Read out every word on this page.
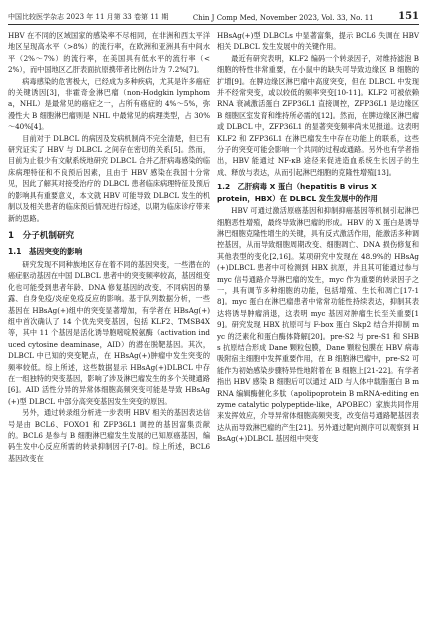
中国比较医学杂志 2023 年 11 月第 33 卷第 11 期	Chin J Comp Med, November 2023, Vol. 33, No. 11 151

HBV 在不同的区域国家的感染率不尽相同，在非洲和西太平洋地区呈现高水平（>8%）的流行率，在欧洲和亚洲具有中间水平（2%～7%）的流行率，在美国具有低水平的流行率（<2%），而中国地区乙肝表面抗原携带者比例估计为 7.2%[7]。

病毒感染的危害极大，已经成为多种疾病，尤其是许多癌症的关键诱因[3]，非霍奇金淋巴瘤（non-Hodgkin lymphoma，NHL）是最常见的癌症之一，占所有癌症的 4%～5%，弥漫性大 B 细胞淋巴瘤则是 NHL 中最常见的病理类型，占 30%～40%[4]。

目前对于 DLBCL 的病因及发病机制尚不完全清楚，但已有研究证实了 HBV 与 DLBCL 之间存在密切的关系[5]。然而，目前为止很少有文献系统地研究 DLBCL 合并乙肝病毒感染的临床病理特征和不良预后因素，且由于 HBV 感染在我国十分常见，因此了解其对接受治疗的 DLBCL 患者临床病理特征及预后的影响具有重要意义，本文就 HBV 可能导致 DLBCL 发生的机制以及相关患者的临床预后情况进行综述，以期为临床诊疗带来新的思路。

1　分子机制研究
1.1　基因突变的影响

研究发现不同种族地区存在着不同的基因突变，一些潜在的癌症驱动基因在中国 DLBCL 患者中的突变频率较高，基因组变化也可能受到患者年龄、DNA 修复基因的改变、不同病因的暴露、自身免疫/炎症免疫反应的影响。基于队列数据分析，一些基因在 HBsAg(+)组中的突变显著增加，有学者在 HBsAg(+)组中首次确认了 14 个优先突变基因，包括 KLF2、TMSB4X 等，其中 11 个基因是活化诱导胞嘧啶脱氨酶（activation induced cytosine deaminase，AID）的潜在脱靶基因。其次，DLBCL 中已知的突变靶点，在 HBsAg(+)肿瘤中发生突变的频率较低。综上所述，这些数据显示 HBsAg(+)DLBCL 中存在一组独特的突变基因，影响了涉及淋巴瘤发生的多个关键通路[6]。AID 活性分异的异常体细胞高频突变可能是导致 HBsAg(+)型 DLBCL 中部分高突变基因发生突变的原因。

另外，通过转录组分析进一步表明 HBV 相关的基因表达信号是由 BCL6、FOXO1 和 ZFP36L1 调控的基因富集贡献的。BCL6 是参与 B 细胞淋巴瘤发生发展的已知原癌基因，编码生发中心反应所需的转录抑制因子[7-8]。综上所述，BCL6 基因改变在

HBsAg(+)型 DLBCLs 中显著富集，提示 BCL6 失调在 HBV 相关 DLBCL 发生发展中的关键作用。

最近有研究表明，KLF2 编码一个转录因子，对维持滤泡 B 细胞的特性非常重要，在小鼠中的缺失可导致边缘区 B 细胞的扩增[9]。在脾边缘区淋巴瘤中高度突变，但在 DLBCL 中发现并不经常突变，或以较低的频率突变[10-11]。KLF2 可被依赖 RNA 衰减激活蛋白 ZFP36L1 直接调控，ZFP36L1 是边缘区 B 细胞区室发育和维持所必需的[12]。然而，在脾边缘区淋巴瘤或 DLBCL 中，ZFP36L1 的显著突变频率尚未见报道。这表明 KLF2 和 ZFP36L1 在淋巴瘤发生中存在功能上的联系，这些分子的突变可能会影响一个共同的过程或通路。另外也有学者指出，HBV 能通过 NF-κB 途径来促进造血系统生长因子的生成、释放与表达，从而引起淋巴细胞的克隆性增殖[13]。

1.2　乙肝病毒 X 蛋白（hepatitis B virus X
protein，HBX）在 DLBCL 发生发展中的作用

HBV 可通过激活原癌基因和抑制抑癌基因等机制引起淋巴细胞恶性增殖，最终导致淋巴瘤的形成。HBV 的 X 蛋白是诱导淋巴细胞克隆性增生的关键，具有反式激活作用，能激活多种调控基因，从而导致细胞周期改变、细胞凋亡、DNA 损伤修复和其他表型的变化[2,16]。某项研究中发现在 48.9%的 HBsAg(+)DLBCL 患者中可检测到 HBX 抗原，并且其可能通过参与 myc 信号通路介导淋巴瘤的发生，myc 作为重要的转录因子之一，具有调节多种细胞的功能，包括增殖、生长和凋亡[17-18]。myc 蛋白在淋巴瘤患者中常常功能性持续表达，抑制其表达将诱导肿瘤消退，这表明 myc 基因对肿瘤生长至关重要[19]。研究发现 HBX 抗原可与 F-box 蛋白 Skp2 结合并抑制 myc 的泛素化和蛋白酶体降解[20]。pre-S2 与 pre-S1 和 SHBs 抗原结合形成 Dane 颗粒包膜，Dane 颗粒包膜在 HBV 病毒吸附宿主细胞中发挥重要作用，在 B 细胞淋巴瘤中，pre-S2 可能作为初始感染步骤特异性地附着在 B 细胞上[21-22]。有学者指出 HBV 感染 B 细胞后可以通过 AID 与人体中载脂蛋白 B mRNA 编辑酶催化多肽（apolipoprotein B mRNA-editing enzyme catalytic polypeptide-like，APOBEC）家族共同作用来发挥效应，介导异常体细胞高频突变，改变信号通路靶基因表达从而导致淋巴瘤的产生[21]。另外通过靶向测序可以观察到 HBsAg(+)DLBCL 基因组中突变
